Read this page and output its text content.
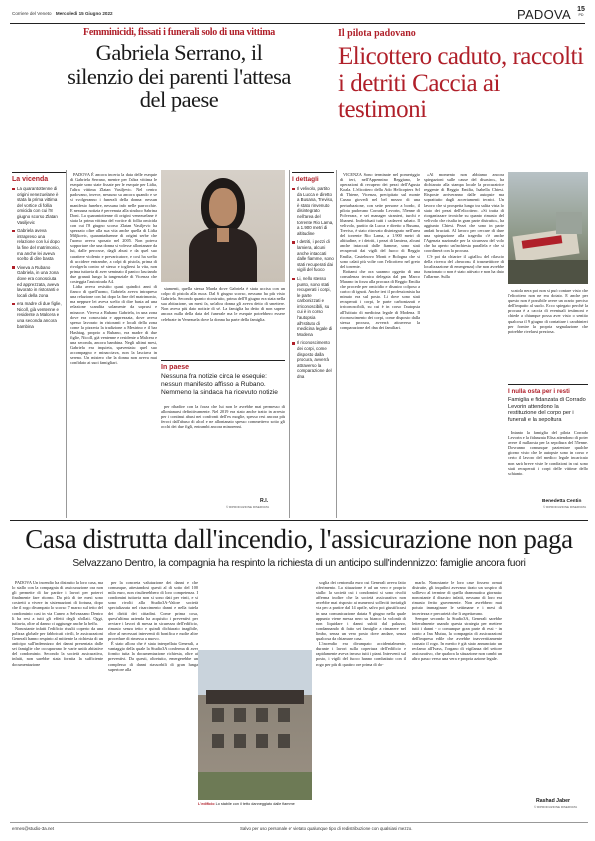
Corriere del Veneto Mercoledì 15 Giugno 2022	PADOVA 15
PD
Femminicidi, fissati i funerali solo di una vittima
Gabriela Serrano, il silenzio dei parenti l'attesa del paese
La vicenda
La quarantottenne di origini venezuelane è stata la prima vittima del vortice di follia omicida con cui l'8 giugno scorso Zlatan Vasiljevic
Gabriela aveva intrapreso una relazione con lui dopo la fine del matrimonio, ma anche lei aveva scelto di dire basta
Viveva a Rubano Gabriela, in una zona dove era conosciuta ed apprezzata, aveva lavorato in ristoranti e locali della zona
era madre di due figlie, Nicoll, già ventenne e residente a Malcera e una seconda ancora bambina

PADOVA È ancora incerta la data delle esequie di Gabriela Serrano, mentre per l'altra vittima le esequie sono state fissate per le esequie per Lidia, l'altra vittima Zlatan Vasiljevic. Nel centro padovano, invece, nessuno sa ancora quando e se si svolgeranno i funerali della donna: nessun manifesto funebre, nessuna info nelle parrocchie. E nessuna notizia è pervenuta alla sindaco Sabrina Doni. La quarantottenne di origini venezuelane è stata la prima vittima del vortice di follia omicida con cui l'8 giugno scorso Zlatan Vasiljevic ha spezzato oltre alla sua vita anche quella di Lidia Miljkovic, quarantaduenne di origini serbe che l'uomo aveva sposato nel 2005. Non poteva sopportare che una donna si volesse allontanare da lui, dalle percosse, dagli abusi e da quel suo carattere violento e prevaricatore, e così ha scelto di uccidere entrambe, a colpi di pistola, prima di rivolgerla contro sé stesso e togliersi la vita, non prima tuttavia di aver seminato il panico lasciando due granati lungo la tangenziale di Vicenza che costeggia l'autostrada A4.

Lidia aveva resistito quasi quindici anni di fianco di quell'uomo, Gabriela aveva intrapreso una relazione con lui dopo la fine del matrimonio, ma neppure lei aveva scelto di dire basta ad una relazione scandita solamente da soprusi e minacce. Viveva a Rubano Gabriela, in una zona dove era conosciuta e apprezzata, dove aveva spesso lavorato in ristoranti e locali della zona come la pizzeria la tradizione a Mestrino e il bar Hashtag, proprio a Rubano, era madre di due figlie, Nicoll, già ventenne e residente a Malcera e una seconda, ancora bambina. Negli ultimi mesi, Gabriela era inquieta, spaventata: quel suo accompagno e minacciava, non la lasciava in sereno. Un mistero che la donna non aveva mai confidato ai suoi famigliari.

stamenti, quella stessa Marda dove Gabriela è stata uccisa con un colpo di pistola alla nuca. Dal 6 giugno scorso, nessuno ha più visto Gabriela. Secondo quanto ricostruito, prima dell'8 giugno era stata nella sua abitazione, un mesi fa, un'altra donna gli aveva detto di smettere. Non aveva più dato notizie di sé. La famiglia ha detto di non sapere ancora nulla della data del funerale ma le esequie potrebbero essere celebrate in Venezuela dove la donna ha parte della famiglia.

In paese
Nessuna fra notizie circa le esequie: nessun manifesto affisso a Rubano. Nemmeno la sindaca ha ricevuto notizie

per ribadire con la forza che lui non le avrebbe mai permesso di allontanarsi definitivamente. Nel 2019 era stato anche tratto in arresto per i continui abusi nei confronti dell'ex moglie, spesso resi ancora più feroci dall'abuso di alcol e ne allontanato spesso commettevo sotto gli occhi dei due figli, entrambi ancora minorenni.

R.I.
© RIPRODUZIONE RISERVATA
I dettagli
Il velivolo, partito da Lucca e diretto a Busana, Treviso, è stato rinvenuto disintegrato nell'area del torrente Rio Lama, a 1.900 metri di altitudine
I detriti, i pezzi di lamiera, alcuni anche intaccati dalle fiamme, sono stati recuperati dai vigili del fuoco
Li, nello stesso punto, sono stati recuperati i corpi, le parte carbonizzati e irriconoscibili, su cui è in corso l'autopsia all'Istituto di medicina legale di Modena
Il riconoscimento dei corpi, come disposto dalla procura, avverrà attraverso la comparazione del dna
Il pilota padovano
Elicottero caduto, raccolti i detriti Caccia ai testimoni

VICENZA Sono terminate nel pomeriggio di ieri, nell'Appennino Reggiano, le operazioni di recupero dei pezzi dell'Agusta Koala. L'elicottero della Ado Helicopters Srl di Thiene, Vicenza, precipitato sul monte Cusna giovedì nel bel mezzo di una perturbazione, con sette persone a bordo, il pilota padovano Corrado Levorin, 55enne di Polverara, e sei manager stranieri, turchi e libanesi. Individuati tutti i cadaveri sabato. Il velivolo, partito da Lucca e diretto a Busana, Treviso, è stato ritrovato disintegrato nell'area del torrente Rio Lama, a 1.900 metri di altitudine, e i detriti, i pezzi di lamiera, alcuni anche intaccati dalle fiamme, sono stati recuperati dai vigili del fuoco di Reggio Emilia, Castelnovo Monti e Bologna che si sono calati più volte con l'elicottero nel greto del torrente.

Rottami che ora saranno oggetto di una consulenza tecnica delegata dal pm Marco Marano in forza alla procura di Reggio Emilia che procede per omicidio e disastro colposo a carico di ignoti. Anche ieri il professionista ha minuto era sul posto. Li dove sono stati recuperati i corpi, le parte carbonizzati e irriconoscibili, su cui è in corso l'autopsia all'Istituto di medicina legale di Modena. Il riconoscimento dei corpi, come disposto dalla stessa procura, avverrà attraverso la comparazione del dna dei familiari.

«Al momento non abbiamo ancora spiegazioni sulle cause del disastro», ha dichiarato alla stampa locale la procuratrice reggente di Reggio Emilia, Isabella Chiesi. Risposte arriveranno dalle autopsie ma soprattutto dagli accertamenti tecnici. Un lavoro che si prospetta lungo tra salita vista lo stato dei pezzi dell'elicottero. «Si tratta di riorganizzare tecniche su quanto rimasto del velivolo che risalia in gran parte distrutto», ha aggiunto Chiesi. Pezzi che sono in parte andati bruciati. Al lavoro per cercare di dare una spiegazione alla tragedia c'è anche l'Agenzia nazionale per la sicurezza del volo che ha aperto un'inchiesta parallela e che si coordinerà con la procura.

C'è poi da chiarire il «giallo» del rilascio della ricerca del «beacon» il trasmettitore di localizzazione di emergenza) che non avrebbe funzionato o non è stato attivato e non ha dato l'allarme. Sulla

scatola nera poi non si può contare visto che l'elicottero non ne era dotato. E anche per questo non è possibile avere un orario preciso dell'impatto al suolo. Ecco spiegato perché la procura è a caccia di eventuali testimoni e chiede a chiunque possa aver visto o sentito qualcosa il 9 giugno di contattare i carabinieri per fornire la propria segnalazione che potrebbe rivelarsi preziosa.

I nulla osta per i resti
Famiglia e fidanzata di Corrado Levorin attendono la restituzione del corpo per i funerali e la sepoltura

Intanto la famiglia del pilota Corrado Levorin e la fidanzata Elisa attendono di poter avere il nullaosta per la sepoltura del 55enne. Dovranno comunque pazientare qualche giorno visto che le autopsie sono in corso e certo il lavoro del medico legale incaricato non sarà breve viste le condizioni in cui sono stati recuperati i corpi delle vittime dello schianto.

Benedetta Centin
© RIPRODUZIONE RISERVATA
Casa distrutta dall'incendio, l'assicurazione non paga
Selvazzano Dentro, la compagnia ha respinto la richiesta di un anticipo sull'indennizzo: famiglie ancora fuori

PADOVA Un incendio ha distrutto la loro casa, ma lo stallo con la compagnia di assicurazione ora non gli permette di far partire i lavori per potervi finalmente fare ritorno. Da più di tre mesi sono costretti a vivere in sistemazioni di fortuna, dopo che il rogo divampato lo scorso 7 marzo sul tetto del condominio casi in via Cuneo a Selvazzano Dentro li ha resi a tutti gli effetti degli sfollati. Oggi, tuttavia, oltre al danno ci aggiunge anche la beffa.

Nonostante infatti l'edificio risulti coperto da una polizza globale per fabbricati civili, le assicurazioni Generali hanno respinto al mittente la richiesta di un anticipo sull'indennizzo dei danni presentata dalle sei famiglie che occupavano le varie unità abitative del condominio. Secondo la società assicurativa, infatti, non sarebbe stata fornita la sufficiente documentazione

per la concreta valutazione dei danni e che comunque, attestandosi questi al di sotto del 100 mila euro, non risulterebbero di loro competenza. I condomini tuttavia non si sono dati per vinti, e si sono rivolti alla Studio3A-Valore società specializzata nel risarcimento danni e nella tutela dei diritti dei cittadini. Come prima cosa, quest'ultima azienda ha acquisito i preventivi per avviare i lavori di messa in sicurezza dell'edificio, rimasto senza tetto e quindi dichiarato inagibile, oltre al necessari interventi di bonifica e molte altre procedure di rimessa a nuovo.

È stato allora che è stata interpellata Generali, a vantaggio della quale la Studio3A conferma di aver fornito tutta la documentazione richiesta, oltre ai preventivi. Da questi, oltretutto, emergerebbe un complesso di danni riassorbili di gran lunga superiore alla

L'edificio Lo stabile con il tetto danneggiato dalle fiamme

soglia dei centomila euro cui Generali aveva fatto riferimento. La situazione è ad un vero e proprio stallo: la società cui i condomini si sono rivolti afferma inoltre che la società assicurativa non avrebbe mai risposto ai numerosi solleciti inviatigli via pec a partire dal 14 aprile, salvo poi giustificarsi in una comunicazione datata 9 giugno nella quale appunto viene messa nero su bianco la volontà di non liquidare i danni subiti dal palazzo, condannando di fatto sei famiglie a rimanere nel limbo, senza un vero posto dove andare, senza qualcosa da chiamare casa.

L'incendio era divampato accidentalmente, durante i lavori sulla copertura dell'edificio e rapidamente aveva invaso tutti i piani. Interventi sul posto, i vigili del fuoco hanno combattuto con il rogo per più di quattro ore prima di do-

marlo. Nonostante le loro case fossero ormai distrutte, gli inquilini avevano tirato un sospiro di sollievo al termine di quella drammatica giornata: nonostante il disastro infatti, nessuno di loro era rimasto ferito gravemente. Non avrebbero mai potuto immaginare le settimane e i mesi di incertezza e precarietà che li aspettavano.

Sempre secondo la Studio3A, Generali sarebbe letteralmente usando questa strategia per mettere tutti i danni - o comunque gran parte di essi - in conto a Ina Mutua, la compagnia di assicurazioni dell'impresa edile che avrebbe inavvertitamente causato il rogo. In merito è già stato annunciato un reclamo all'Ivass, l'organo di vigilanza del settore assicurativo, che qualora la situazione non cambi un altro passo verso una vera e propria azione legale.

Rashad Jaber
© RIPRODUZIONE RISERVATA
ermes@studio-3a.net	Salvo per uso personale e' vietato qualunque tipo di redistribuzione con qualsiasi mezzo.
